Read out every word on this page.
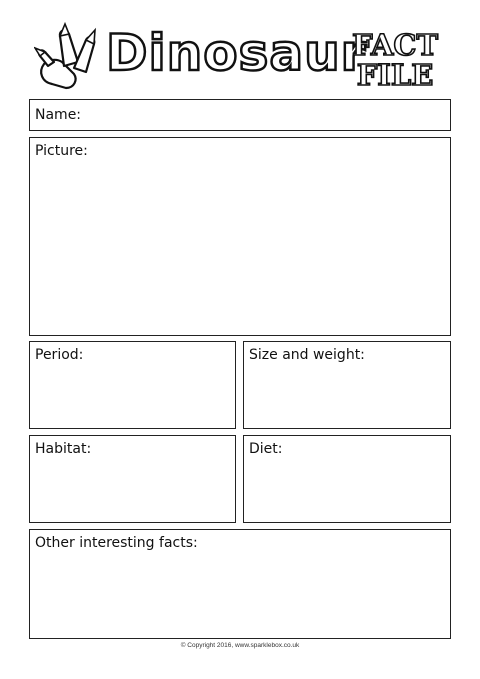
Dinosaur
FACT
FILE
Name:
Picture:
Period:	Size and weight:
Habitat:	Diet:
Other interesting facts:
© Copyright 2016, www.sparklebox.co.uk
